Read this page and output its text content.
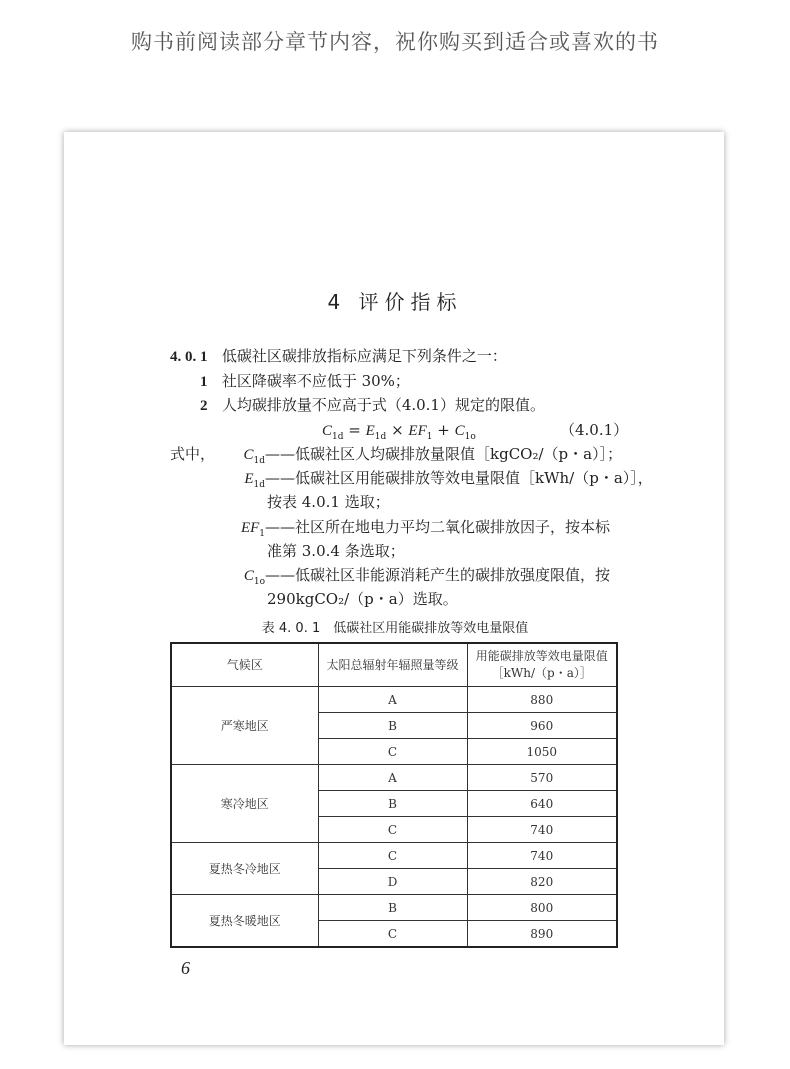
购书前阅读部分章节内容，祝你购买到适合或喜欢的书
4 评价指标
4. 0. 1 低碳社区碳排放指标应满足下列条件之一：
1 社区降碳率不应低于 30%；
2 人均碳排放量不应高于式（4.0.1）规定的限值。
$C_{1d} = E_{1d} \times EF_1 + C_{1o}$	（4.0.1）
式中，	$C_{1d}$ ——低碳社区人均碳排放量限值［kgCO₂/（p・a）］；
$E_{1d}$ ——低碳社区用能碳排放等效电量限值［kWh/（p・a）］，
按表 4.0.1 选取；
$EF_1$ ——社区所在地电力平均二氧化碳排放因子，按本标
准第 3.0.4 条选取；
$C_{1o}$ ——低碳社区非能源消耗产生的碳排放强度限值，按
290kgCO₂/（p・a）选取。
表 4. 0. 1　低碳社区用能碳排放等效电量限值
气候区	太阳总辐射年辐照量等级	用能碳排放等效电量限值
［kWh/（p・a）］
严寒地区	A	880
	B	960
	C	1050
寒冷地区	A	570
	B	640
	C	740
夏热冬冷地区	C	740
	D	820
夏热冬暖地区	B	800
	C	890
6
